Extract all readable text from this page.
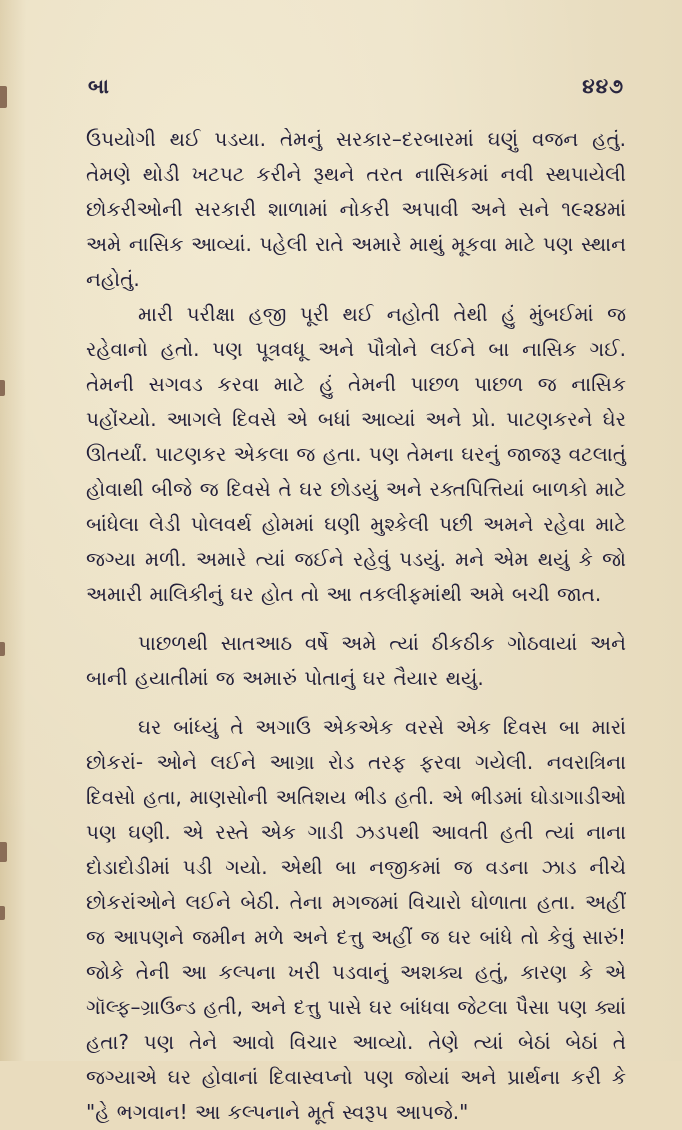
બા	૪૪૭

ઉપયોગી થઈ પડયા. તેમનું સરકાર–દરબારમાં ઘણું વજન હતું. તેમણે થોડી ખટપટ કરીને રૂથને તરત નાસિકમાં નવી સ્થપાયેલી છોકરીઓની સરકારી શાળામાં નોકરી અપાવી અને સને ૧૯૨૪માં અમે નાસિક આવ્યાં. પહેલી રાતે અમારે માથું મૂકવા માટે પણ સ્થાન નહોતું.

મારી પરીક્ષા હજી પૂરી થઈ નહોતી તેથી હું મુંબઈમાં જ રહેવાનો હતો. પણ પૂત્રવધૂ અને પૌત્રોને લઈને બા નાસિક ગઈ. તેમની સગવડ કરવા માટે હું તેમની પાછળ પાછળ જ નાસિક પહોંચ્યો. આગલે દિવસે એ બધાં આવ્યાં અને પ્રો. પાટણકરને ઘેર ઊતર્યાં. પાટણકર એકલા જ હતા. પણ તેમના ઘરનું જાજરૂ વટલાતું હોવાથી બીજે જ દિવસે તે ઘર છોડયું અને રક્તપિત્તિયાં બાળકો માટે બાંધેલા લેડી પોલવર્થ હોમમાં ઘણી મુશ્કેલી પછી અમને રહેવા માટે જગ્યા મળી. અમારે ત્યાં જઈને રહેવું પડયું. મને એમ થયું કે જો અમારી માલિકીનું ઘર હોત તો આ તકલીફમાંથી અમે બચી જાત.

પાછળથી સાતઆઠ વર્ષે અમે ત્યાં ઠીકઠીક ગોઠવાયાં અને બાની હયાતીમાં જ અમારું પોતાનું ઘર તૈયાર થયું.

ઘર બાંધ્યું તે અગાઉ એકએક વરસે એક દિવસ બા મારાં છોકરાં- ઓને લઈને આગ્રા રોડ તરફ ફરવા ગયેલી. નવરાત્રિના દિવસો હતા, માણસોની અતિશય ભીડ હતી. એ ભીડમાં ઘોડાગાડીઓ પણ ઘણી. એ રસ્તે એક ગાડી ઝડપથી આવતી હતી ત્યાં નાના દોડાદોડીમાં પડી ગયો. એથી બા નજીકમાં જ વડના ઝાડ નીચે છોકરાંઓને લઈને બેઠી. તેના મગજમાં વિચારો ઘોળાતા હતા. અહીં જ આપણને જમીન મળે અને દત્તુ અહીં જ ઘર બાંધે તો કેવું સારું! જોકે તેની આ કલ્પના ખરી પડવાનું અશક્ય હતું, કારણ કે એ ગૉલ્ફ–ગ્રાઉન્ડ હતી, અને દત્તુ પાસે ઘર બાંધવા જેટલા પૈસા પણ ક્યાં હતા? પણ તેને આવો વિચાર આવ્યો. તેણે ત્યાં બેઠાં બેઠાં તે જગ્યાએ ઘર હોવાનાં દિવાસ્વપ્નો પણ જોયાં અને પ્રાર્થના કરી કે "હે ભગવાન! આ કલ્પનાને મૂર્ત સ્વરૂપ આપજે."
